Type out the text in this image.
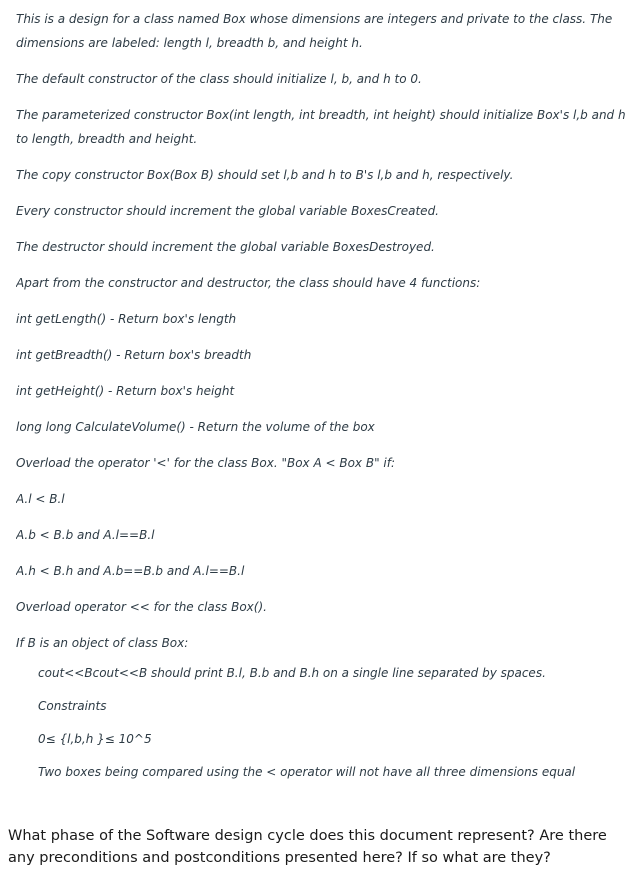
This is a design for a class named Box whose dimensions are integers and private to the class. The dimensions are labeled: length l, breadth b, and height h.
The default constructor of the class should initialize l, b, and h to 0.
The parameterized constructor Box(int length, int breadth, int height) should initialize Box's l,b and h to length, breadth and height.
The copy constructor Box(Box B) should set l,b and h to B's l,b and h, respectively.
Every constructor should increment the global variable BoxesCreated.
The destructor should increment the global variable BoxesDestroyed.
Apart from the constructor and destructor, the class should have 4 functions:
int getLength() - Return box's length
int getBreadth() - Return box's breadth
int getHeight() - Return box's height
long long CalculateVolume() - Return the volume of the box
Overload the operator '<' for the class Box. "Box A < Box B" if:
A.l < B.l
A.b < B.b and A.l==B.l
A.h < B.h and A.b==B.b and A.l==B.l
Overload operator << for the class Box().
If B is an object of class Box:
cout<<Bcout<<B should print B.l, B.b and B.h on a single line separated by spaces.
Constraints
0≤ {l,b,h }≤ 10^5
Two boxes being compared using the < operator will not have all three dimensions equal
What phase of the Software design cycle does this document represent? Are there any preconditions and postconditions presented here? If so what are they?
